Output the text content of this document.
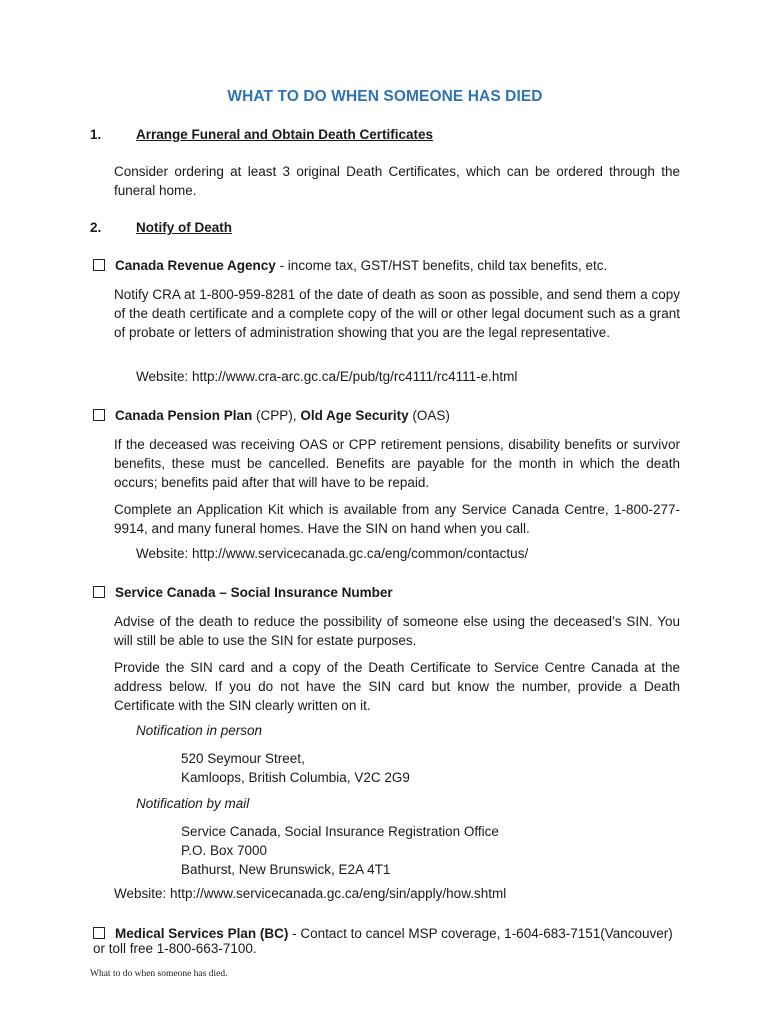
WHAT TO DO WHEN SOMEONE HAS DIED
1.	Arrange Funeral and Obtain Death Certificates

Consider ordering at least 3 original Death Certificates, which can be ordered through the funeral home.

2.	Notify of Death
Canada Revenue Agency - income tax, GST/HST benefits, child tax benefits, etc.

Notify CRA at 1-800-959-8281 of the date of death as soon as possible, and send them a copy of the death certificate and a complete copy of the will or other legal document such as a grant of probate or letters of administration showing that you are the legal representative.

Website: http://www.cra-arc.gc.ca/E/pub/tg/rc4111/rc4111-e.html
Canada Pension Plan (CPP), Old Age Security (OAS)

If the deceased was receiving OAS or CPP retirement pensions, disability benefits or survivor benefits, these must be cancelled. Benefits are payable for the month in which the death occurs; benefits paid after that will have to be repaid.

Complete an Application Kit which is available from any Service Canada Centre, 1-800-277-9914, and many funeral homes. Have the SIN on hand when you call.

Website: http://www.servicecanada.gc.ca/eng/common/contactus/
Service Canada – Social Insurance Number

Advise of the death to reduce the possibility of someone else using the deceased’s SIN. You will still be able to use the SIN for estate purposes.

Provide the SIN card and a copy of the Death Certificate to Service Centre Canada at the address below. If you do not have the SIN card but know the number, provide a Death Certificate with the SIN clearly written on it.

Notification in person
520 Seymour Street,
Kamloops, British Columbia, V2C 2G9
Notification by mail
Service Canada, Social Insurance Registration Office
P.O. Box 7000
Bathurst, New Brunswick, E2A 4T1
Website: http://www.servicecanada.gc.ca/eng/sin/apply/how.shtml
Medical Services Plan (BC) - Contact to cancel MSP coverage, 1-604-683-7151(Vancouver) or toll free 1-800-663-7100.
What to do when someone has died.
